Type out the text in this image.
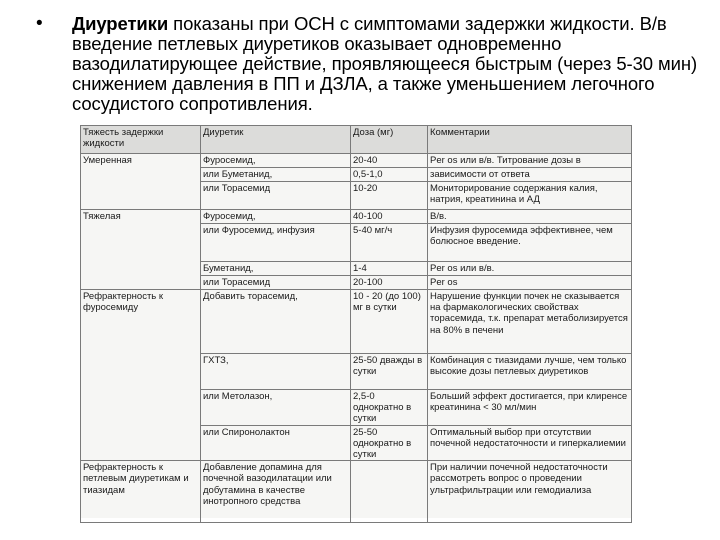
• Диуретики показаны при ОСН с симптомами задержки жидкости. В/в введение петлевых диуретиков оказывает одновременно вазодилатирующее действие, проявляющееся быстрым (через 5-30 мин) снижением давления в ПП и ДЗЛА, а также уменьшением легочного сосудистого сопротивления.
Тяжесть задержки жидкости	Диуретик	Доза (мг)	Комментарии
Умеренная	Фуросемид,	20-40	Per os или в/в. Титрование дозы в
	или Буметанид,	0,5-1,0	зависимости от ответа
	или Торасемид	10-20	Мониторирование содержания калия, натрия, креатинина и АД
Тяжелая	Фуросемид,	40-100	В/в.
	или Фуросемид, инфузия	5-40 мг/ч	Инфузия фуросемида эффективнее, чем болюсное введение.
	Буметанид,	1-4	Per os или в/в.
	или Торасемид	20-100	Per os
Рефрактерность к фуросемиду	Добавить торасемид,	10 - 20 (до 100) мг в сутки	Нарушение функции почек не сказывается на фармакологических свойствах торасемида, т.к. препарат метаболизируется на 80% в печени
	ГХТЗ,	25-50 дважды в сутки	Комбинация с тиазидами лучше, чем только высокие дозы петлевых диуретиков
	или Метолазон,	2,5-0 однократно в сутки	Больший эффект достигается, при клиренсе креатинина < 30 мл/мин
	или Спиронолактон	25-50 однократно в сутки	Оптимальный выбор при отсутствии почечной недостаточности и гиперкалиемии
Рефрактерность к петлевым диуретикам и тиазидам	Добавление допамина для почечной вазодилатации или добутамина в качестве инотропного средства		При наличии почечной недостаточности рассмотреть вопрос о проведении ультрафильтрации или гемодиализа
